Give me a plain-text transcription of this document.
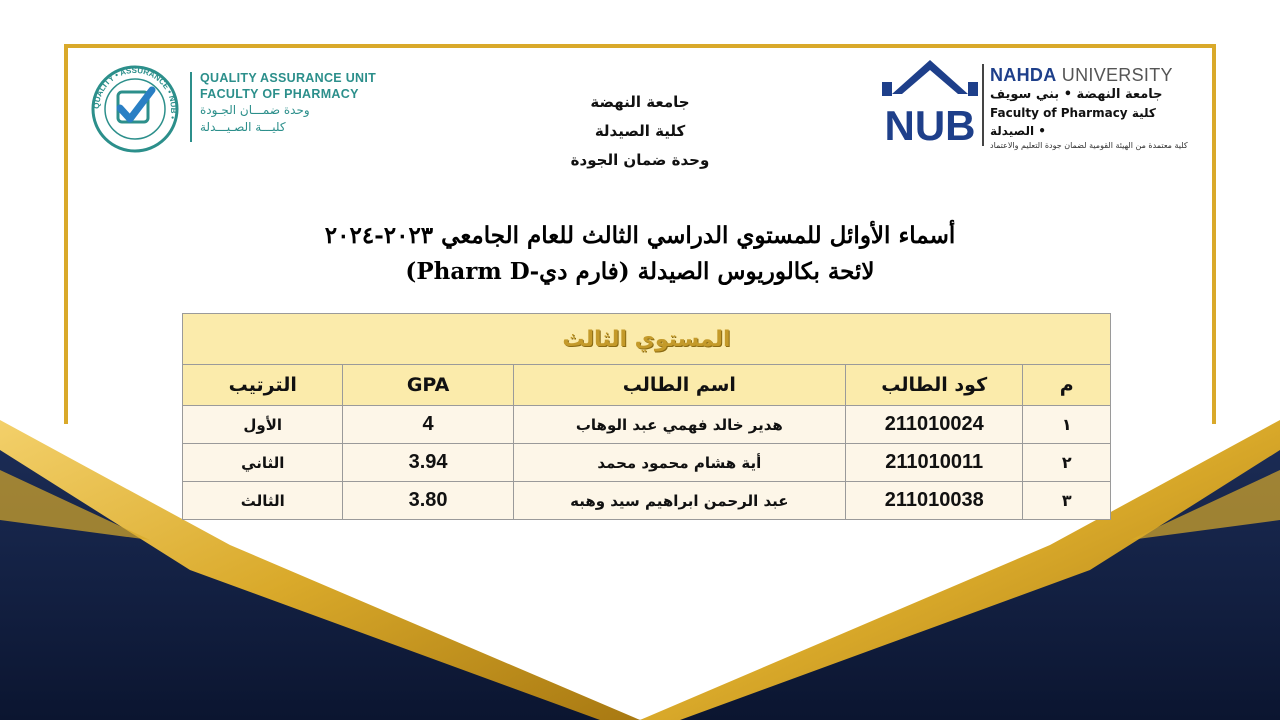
QUALITY • ASSURANCE • NUB •
QUALITY ASSURANCE UNIT
FACULTY OF PHARMACY
وحدة ضمـــان الجـودة
كليـــة الصـيـــدلة
جامعة النهضة
كلية الصيدلة
وحدة ضمان الجودة
NUB
NAHDA UNIVERSITY
جامعة النهضة • بني سويف
Faculty of Pharmacy كلية الصيدلة •
كلية معتمدة من الهيئة القومية لضمان جودة التعليم والاعتماد
أسماء الأوائل للمستوي الدراسي الثالث للعام الجامعي ٢٠٢٣-٢٠٢٤
لائحة بكالوريوس الصيدلة (فارم دي-Pharm D)
المستوي الثالث				
م	كود الطالب	اسم الطالب	GPA	الترتيب
١	211010024	هدير خالد فهمي عبد الوهاب	4	الأول
٢	211010011	أية هشام محمود محمد	3.94	الثاني
٣	211010038	عبد الرحمن ابراهيم سيد وهبه	3.80	الثالث
